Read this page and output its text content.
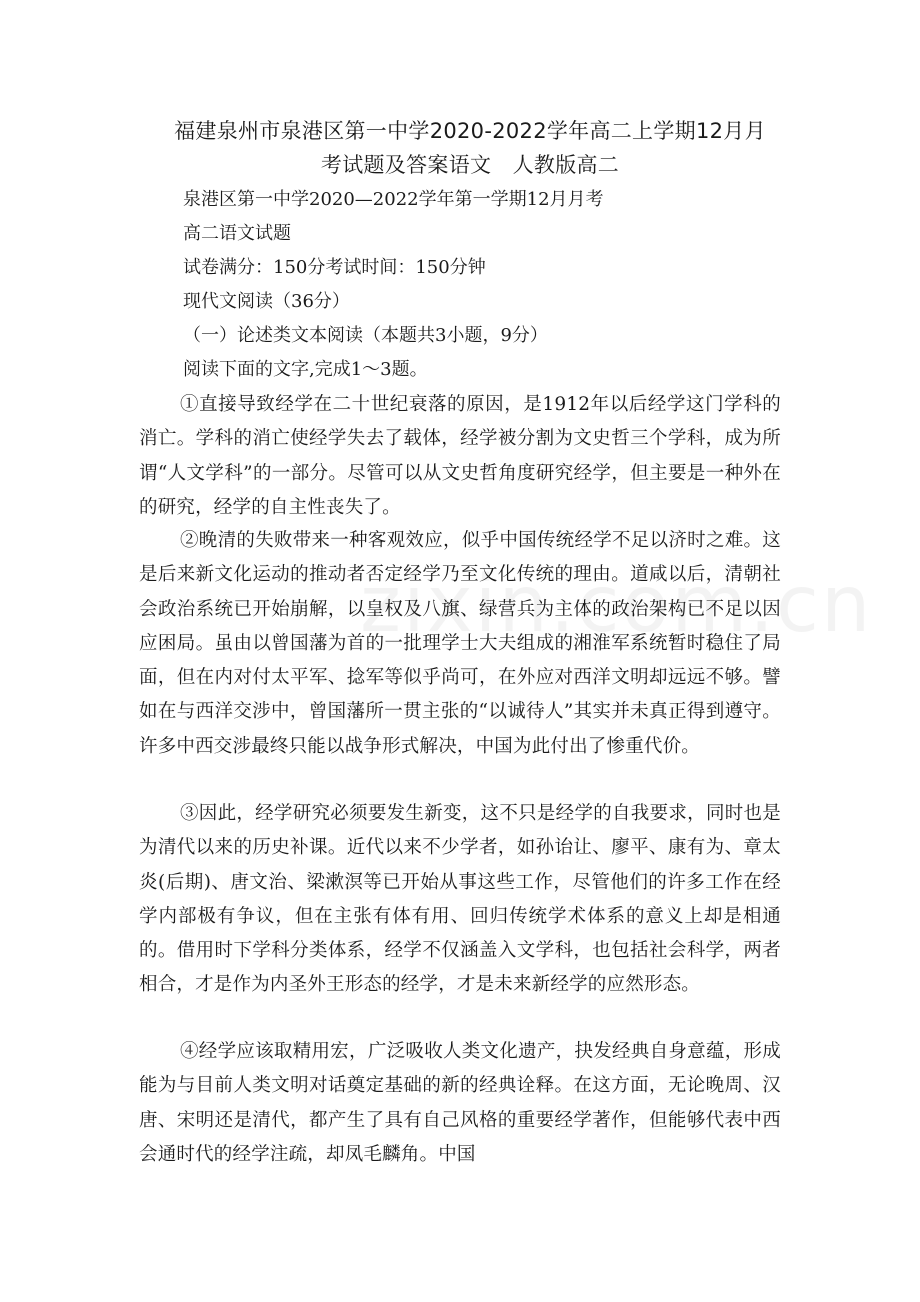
福建泉州市泉港区第一中学2020-2022学年高二上学期12月月
考试题及答案语文　人教版高二
泉港区第一中学2020—2022学年第一学期12月月考
高二语文试题
试卷满分：150分考试时间：150分钟
现代文阅读（36分）
（一）论述类文本阅读（本题共3小题，9分）
阅读下面的文字,完成1～3题。
①直接导致经学在二十世纪衰落的原因，是1912年以后经学这门学科的消亡。学科的消亡使经学失去了载体，经学被分割为文史哲三个学科，成为所谓“人文学科”的一部分。尽管可以从文史哲角度研究经学，但主要是一种外在的研究，经学的自主性丧失了。
②晚清的失败带来一种客观效应，似乎中国传统经学不足以济时之难。这是后来新文化运动的推动者否定经学乃至文化传统的理由。道咸以后，清朝社会政治系统已开始崩解，以皇权及八旗、绿营兵为主体的政治架构已不足以因应困局。虽由以曾国藩为首的一批理学士大夫组成的湘淮军系统暂时稳住了局面，但在内对付太平军、捻军等似乎尚可，在外应对西洋文明却远远不够。譬如在与西洋交涉中，曾国藩所一贯主张的“以诚待人”其实并未真正得到遵守。许多中西交涉最终只能以战争形式解决，中国为此付出了惨重代价。
③因此，经学研究必须要发生新变，这不只是经学的自我要求，同时也是为清代以来的历史补课。近代以来不少学者，如孙诒让、廖平、康有为、章太炎(后期)、唐文治、梁漱溟等已开始从事这些工作，尽管他们的许多工作在经学内部极有争议，但在主张有体有用、回归传统学术体系的意义上却是相通的。借用时下学科分类体系，经学不仅涵盖入文学科，也包括社会科学，两者相合，才是作为内圣外王形态的经学，才是未来新经学的应然形态。
④经学应该取精用宏，广泛吸收人类文化遗产，抉发经典自身意蕴，形成能为与目前人类文明对话奠定基础的新的经典诠释。在这方面，无论晚周、汉唐、宋明还是清代，都产生了具有自己风格的重要经学著作，但能够代表中西会通时代的经学注疏，却凤毛麟角。中国
